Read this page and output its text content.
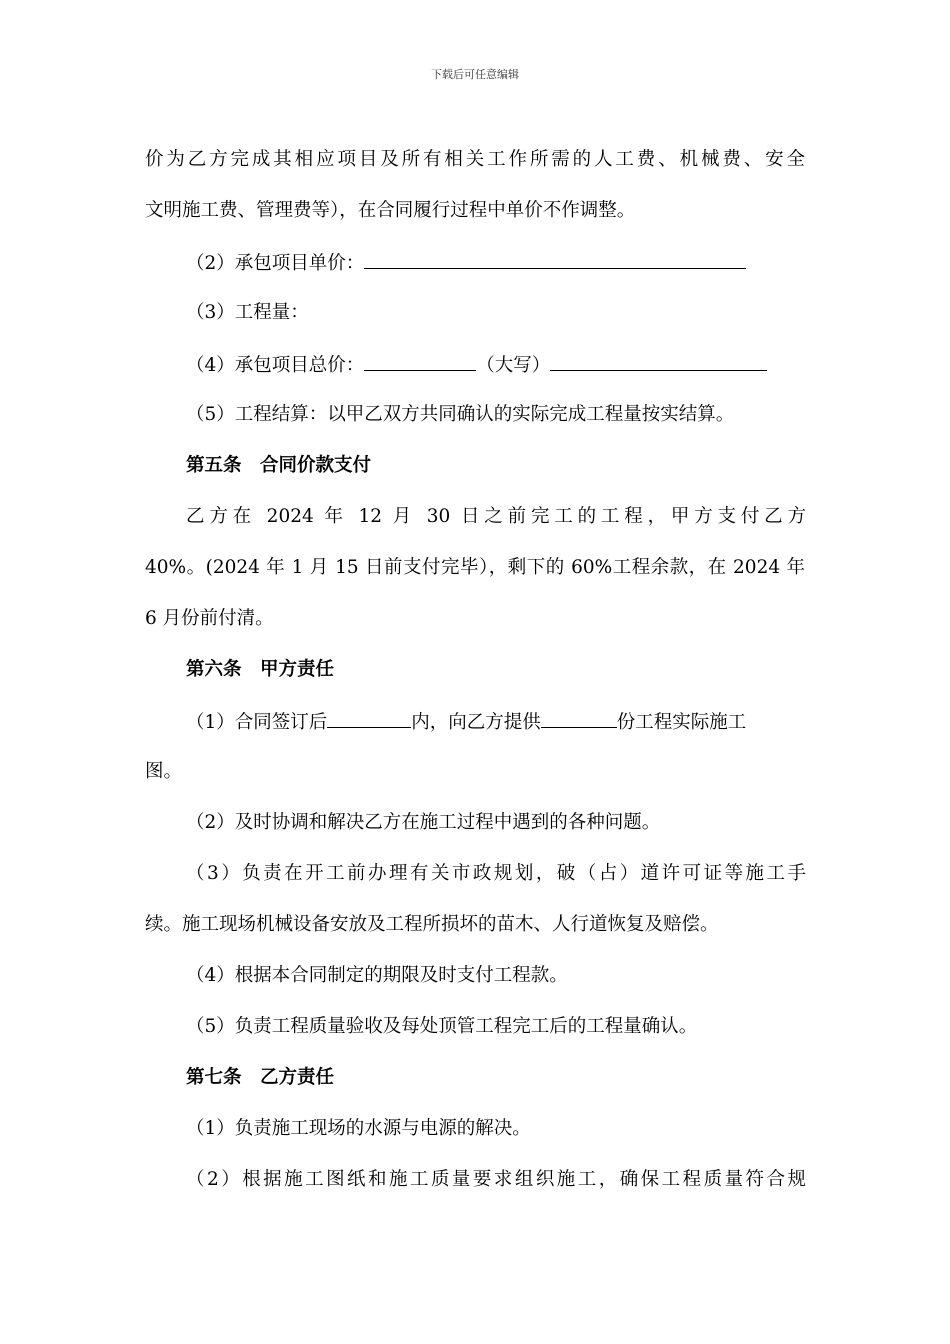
下载后可任意编辑
价为乙方完成其相应项目及所有相关工作所需的人工费、机械费、安全
文明施工费、管理费等），在合同履行过程中单价不作调整。
（2）承包项目单价：
（3）工程量：
（4）承包项目总价：	（大写）
（5）工程结算：以甲乙双方共同确认的实际完成工程量按实结算。
第五条　合同价款支付
乙方在 2024 年 12 月 30 日之前完工的工程，甲方支付乙方
40%。(2024 年 1 月 15 日前支付完毕），剩下的 60%工程余款，在 2024 年
6 月份前付清。
第六条　甲方责任
（1）合同签订后	内，向乙方提供	份工程实际施工
图。
（2）及时协调和解决乙方在施工过程中遇到的各种问题。
（3）负责在开工前办理有关市政规划，破（占）道许可证等施工手
续。施工现场机械设备安放及工程所损坏的苗木、人行道恢复及赔偿。
（4）根据本合同制定的期限及时支付工程款。
（5）负责工程质量验收及每处顶管工程完工后的工程量确认。
第七条　乙方责任
（1）负责施工现场的水源与电源的解决。
（2）根据施工图纸和施工质量要求组织施工，确保工程质量符合规
